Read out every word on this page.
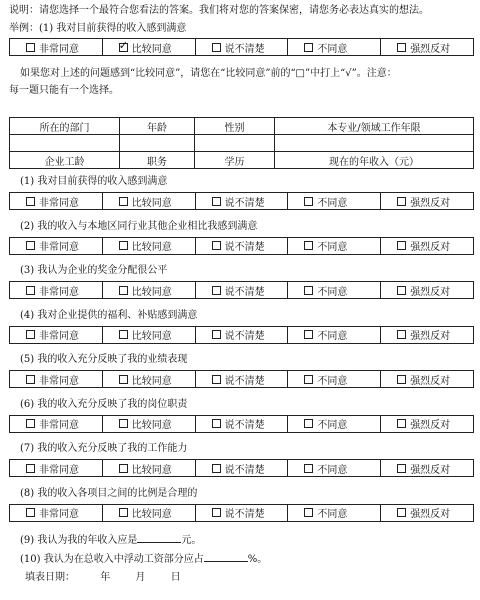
说明：请您选择一个最符合您看法的答案。我们将对您的答案保密，请您务必表达真实的想法。
举例：(1) 我对目前获得的收入感到满意
非常同意 ✓	比较同意	说不清楚	不同意	强烈反对
如果您对上述的问题感到“比较同意”，请您在“比较同意”前的“□”中打上“√”。注意：
每一题只能有一个选择。
所在的部门	年龄	性别	本专业/领域工作年限

企业工龄	职务	学历	现在的年收入（元）
(1) 我对目前获得的收入感到满意
非常同意	比较同意	说不清楚	不同意	强烈反对
(2) 我的收入与本地区同行业其他企业相比我感到满意
非常同意	比较同意	说不清楚	不同意	强烈反对
(3) 我认为企业的奖金分配很公平
非常同意	比较同意	说不清楚	不同意	强烈反对
(4) 我对企业提供的福利、补贴感到满意
非常同意	比较同意	说不清楚	不同意	强烈反对
(5) 我的收入充分反映了我的业绩表现
非常同意	比较同意	说不清楚	不同意	强烈反对
(6) 我的收入充分反映了我的岗位职责
非常同意	比较同意	说不清楚	不同意	强烈反对
(7) 我的收入充分反映了我的工作能力
非常同意	比较同意	说不清楚	不同意	强烈反对
(8) 我的收入各项目之间的比例是合理的
非常同意	比较同意	说不清楚	不同意	强烈反对
(9) 我认为我的年收入应是	元。
(10) 我认为在总收入中浮动工资部分应占	%。
填表日期：	年	月	日
